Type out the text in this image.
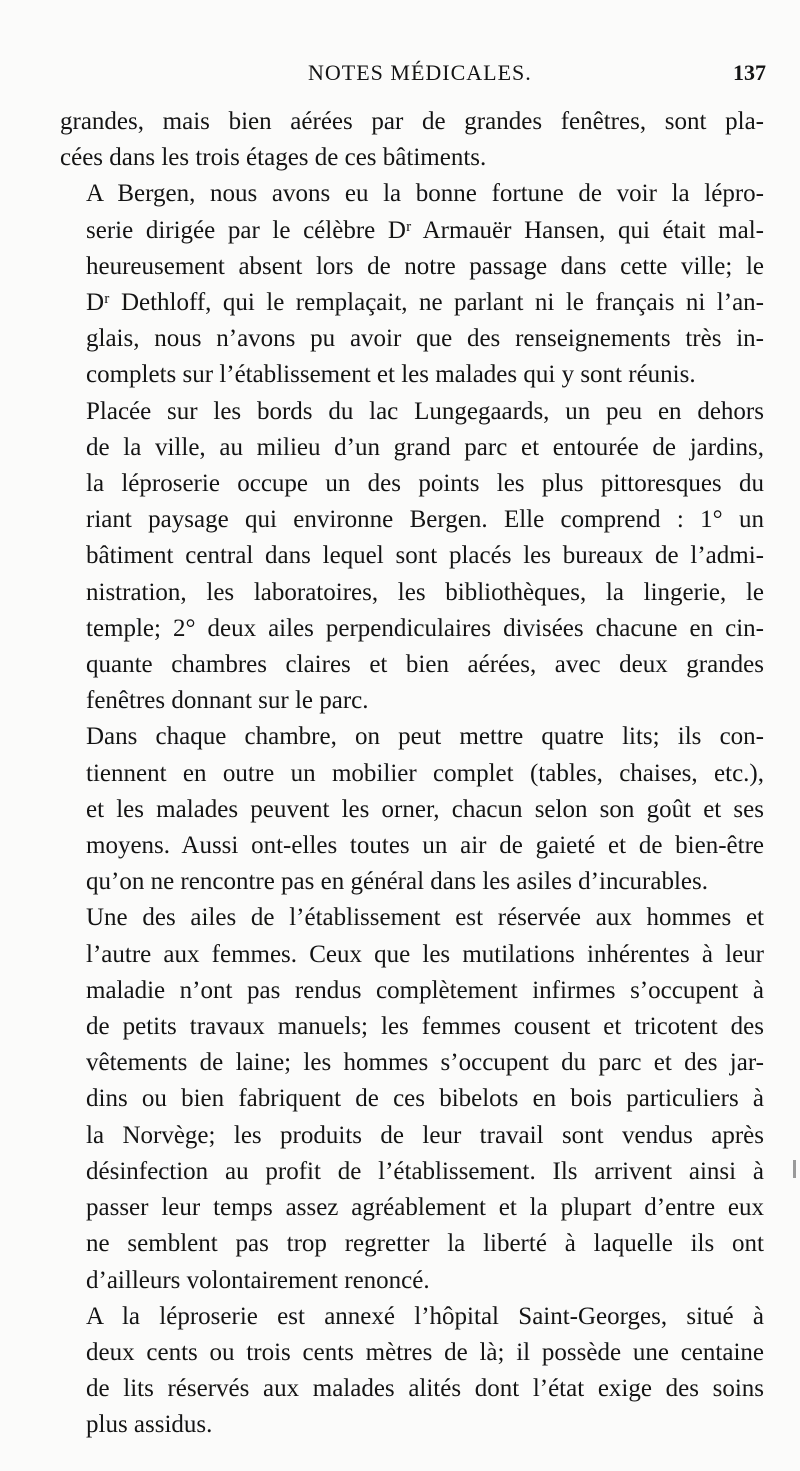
NOTES MÉDICALES.	137

grandes, mais bien aérées par de grandes fenêtres, sont pla-
cées dans les trois étages de ces bâtiments.

A Bergen, nous avons eu la bonne fortune de voir la lépro-
serie dirigée par le célèbre Dʳ Armauër Hansen, qui était mal-
heureusement absent lors de notre passage dans cette ville; le
Dʳ Dethloff, qui le remplaçait, ne parlant ni le français ni l’an-
glais, nous n’avons pu avoir que des renseignements très in-
complets sur l’établissement et les malades qui y sont réunis.

Placée sur les bords du lac Lungegaards, un peu en dehors
de la ville, au milieu d’un grand parc et entourée de jardins,
la léproserie occupe un des points les plus pittoresques du
riant paysage qui environne Bergen. Elle comprend : 1° un
bâtiment central dans lequel sont placés les bureaux de l’admi-
nistration, les laboratoires, les bibliothèques, la lingerie, le
temple; 2° deux ailes perpendiculaires divisées chacune en cin-
quante chambres claires et bien aérées, avec deux grandes
fenêtres donnant sur le parc.

Dans chaque chambre, on peut mettre quatre lits; ils con-
tiennent en outre un mobilier complet (tables, chaises, etc.),
et les malades peuvent les orner, chacun selon son goût et ses
moyens. Aussi ont-elles toutes un air de gaieté et de bien-être
qu’on ne rencontre pas en général dans les asiles d’incurables.

Une des ailes de l’établissement est réservée aux hommes et
l’autre aux femmes. Ceux que les mutilations inhérentes à leur
maladie n’ont pas rendus complètement infirmes s’occupent à
de petits travaux manuels; les femmes cousent et tricotent des
vêtements de laine; les hommes s’occupent du parc et des jar-
dins ou bien fabriquent de ces bibelots en bois particuliers à
la Norvège; les produits de leur travail sont vendus après
désinfection au profit de l’établissement. Ils arrivent ainsi à
passer leur temps assez agréablement et la plupart d’entre eux
ne semblent pas trop regretter la liberté à laquelle ils ont
d’ailleurs volontairement renoncé.

A la léproserie est annexé l’hôpital Saint-Georges, situé à
deux cents ou trois cents mètres de là; il possède une centaine
de lits réservés aux malades alités dont l’état exige des soins
plus assidus.
